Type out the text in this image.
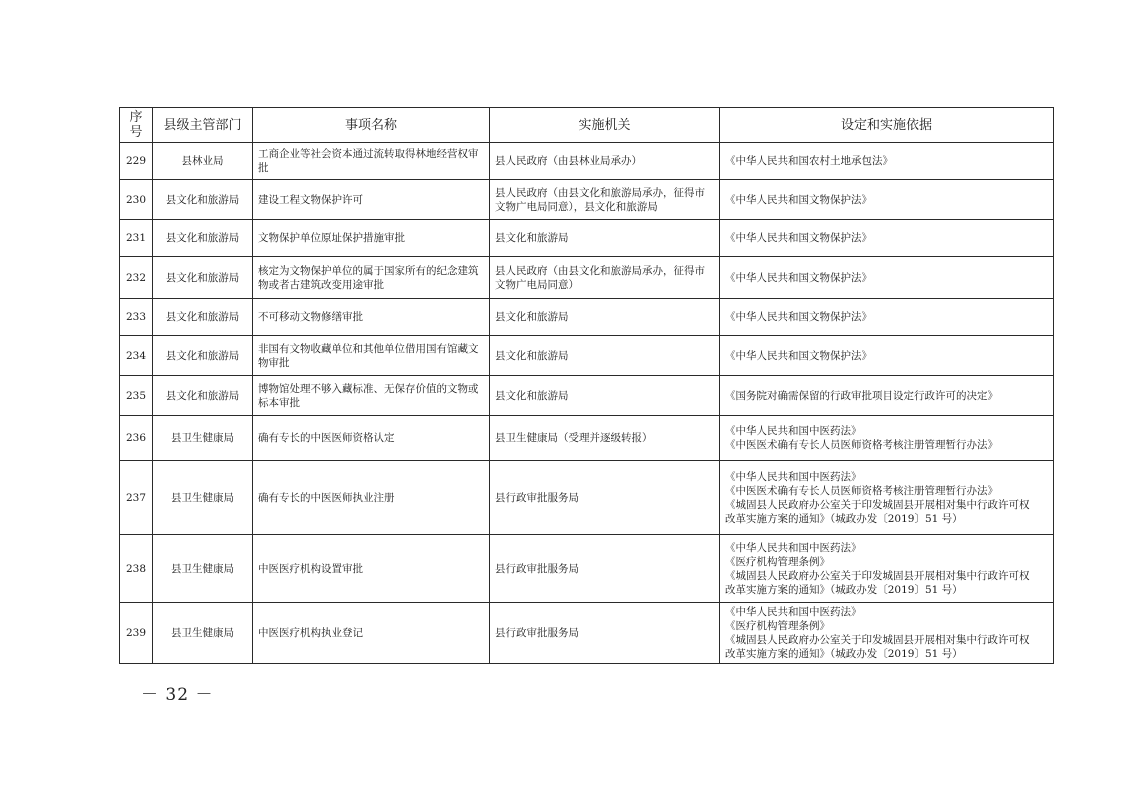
序
号	县级主管部门	事项名称	实施机关	设定和实施依据
229	县林业局	工商企业等社会资本通过流转取得林地经营权审批	县人民政府（由县林业局承办）	《中华人民共和国农村土地承包法》

230	县文化和旅游局	建设工程文物保护许可	县人民政府（由县文化和旅游局承办，征得市文物广电局同意），县文化和旅游局	《中华人民共和国文物保护法》

231	县文化和旅游局	文物保护单位原址保护措施审批	县文化和旅游局	《中华人民共和国文物保护法》

232	县文化和旅游局	核定为文物保护单位的属于国家所有的纪念建筑物或者古建筑改变用途审批	县人民政府（由县文化和旅游局承办，征得市文物广电局同意）	《中华人民共和国文物保护法》

233	县文化和旅游局	不可移动文物修缮审批	县文化和旅游局	《中华人民共和国文物保护法》

234	县文化和旅游局	非国有文物收藏单位和其他单位借用国有馆藏文物审批	县文化和旅游局	《中华人民共和国文物保护法》

235	县文化和旅游局	博物馆处理不够入藏标准、无保存价值的文物或标本审批	县文化和旅游局	《国务院对确需保留的行政审批项目设定行政许可的决定》

236	县卫生健康局	确有专长的中医医师资格认定	县卫生健康局（受理并逐级转报）	《中华人民共和国中医药法》
《中医医术确有专长人员医师资格考核注册管理暂行办法》

237	县卫生健康局	确有专长的中医医师执业注册	县行政审批服务局	《中华人民共和国中医药法》
《中医医术确有专长人员医师资格考核注册管理暂行办法》
《城固县人民政府办公室关于印发城固县开展相对集中行政许可权
改革实施方案的通知》（城政办发〔2019〕51 号）

238	县卫生健康局	中医医疗机构设置审批	县行政审批服务局	《中华人民共和国中医药法》
《医疗机构管理条例》
《城固县人民政府办公室关于印发城固县开展相对集中行政许可权
改革实施方案的通知》（城政办发〔2019〕51 号）

239	县卫生健康局	中医医疗机构执业登记	县行政审批服务局	《中华人民共和国中医药法》
《医疗机构管理条例》
《城固县人民政府办公室关于印发城固县开展相对集中行政许可权
改革实施方案的通知》（城政办发〔2019〕51 号）
－ 32 －
